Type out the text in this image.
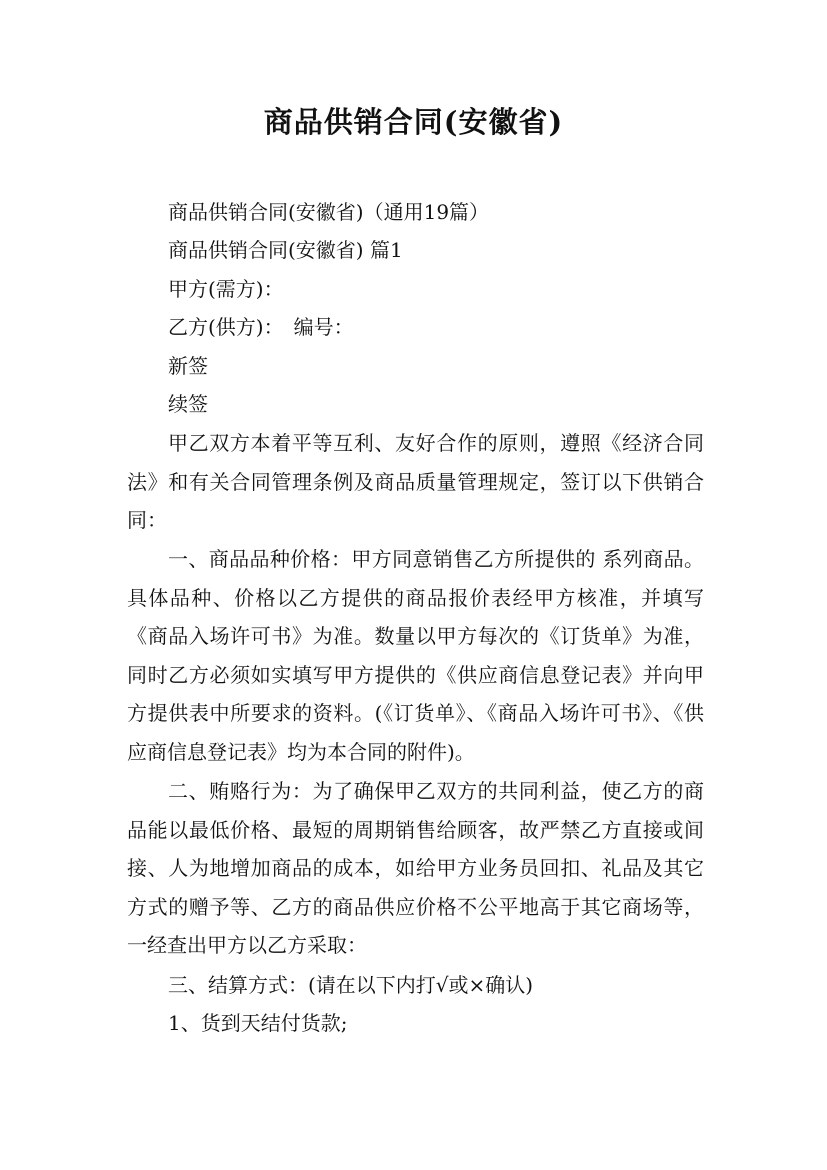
商品供销合同(安徽省)
商品供销合同(安徽省)（通用19篇）
商品供销合同(安徽省) 篇1
甲方(需方)：
乙方(供方)：　编号：
新签
续签
甲乙双方本着平等互利、友好合作的原则，遵照《经济合同法》和有关合同管理条例及商品质量管理规定，签订以下供销合同：
一、商品品种价格：甲方同意销售乙方所提供的 系列商品。具体品种、价格以乙方提供的商品报价表经甲方核准，并填写《商品入场许可书》为准。数量以甲方每次的《订货单》为准，同时乙方必须如实填写甲方提供的《供应商信息登记表》并向甲方提供表中所要求的资料。(《订货单》、《商品入场许可书》、《供应商信息登记表》均为本合同的附件)。
二、贿赂行为：为了确保甲乙双方的共同利益，使乙方的商品能以最低价格、最短的周期销售给顾客，故严禁乙方直接或间接、人为地增加商品的成本，如给甲方业务员回扣、礼品及其它方式的赠予等、乙方的商品供应价格不公平地高于其它商场等，一经查出甲方以乙方采取：
三、结算方式：(请在以下内打√或×确认)
1、货到天结付货款;
